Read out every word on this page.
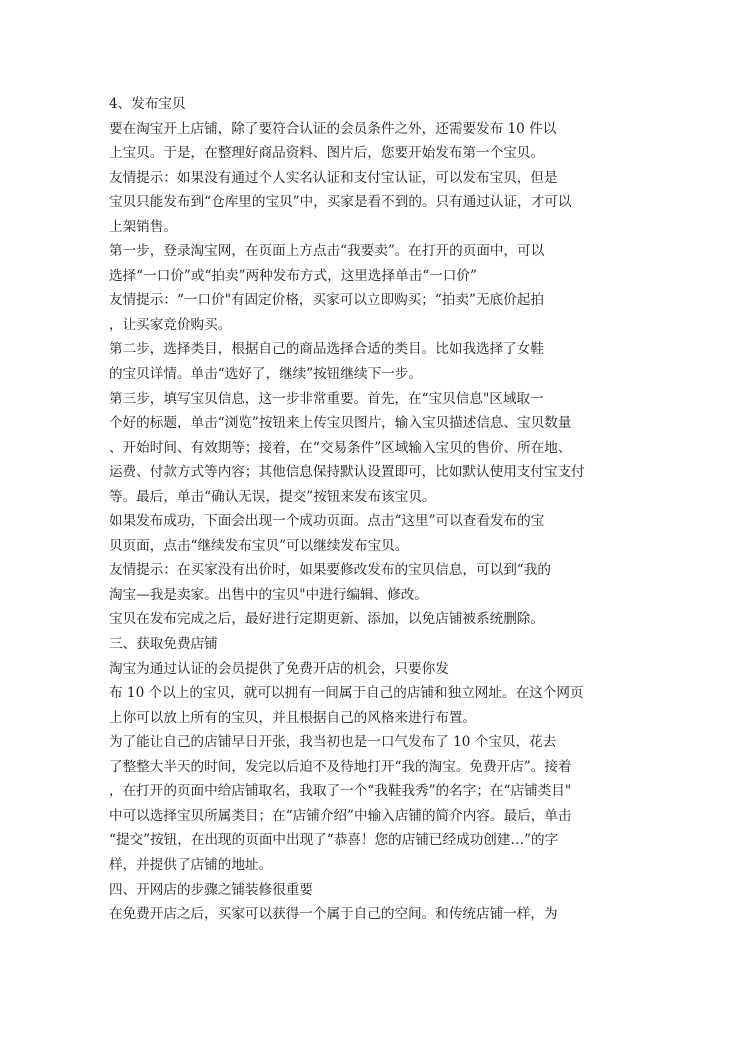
4、发布宝贝
要在淘宝开上店铺，除了要符合认证的会员条件之外，还需要发布 10 件以
上宝贝。于是，在整理好商品资料、图片后，您要开始发布第一个宝贝。
友情提示：如果没有通过个人实名认证和支付宝认证，可以发布宝贝，但是
宝贝只能发布到“仓库里的宝贝”中，买家是看不到的。只有通过认证，才可以
上架销售。
第一步，登录淘宝网，在页面上方点击“我要卖”。在打开的页面中，可以
选择“一口价”或“拍卖”两种发布方式，这里选择单击“一口价”
友情提示：“一口价"有固定价格，买家可以立即购买；“拍卖”无底价起拍
，让买家竞价购买。
第二步，选择类目，根据自己的商品选择合适的类目。比如我选择了女鞋
的宝贝详情。单击“选好了，继续”按钮继续下一步。
第三步，填写宝贝信息，这一步非常重要。首先，在“宝贝信息"区域取一
个好的标题，单击“浏览”按钮来上传宝贝图片，输入宝贝描述信息、宝贝数量
、开始时间、有效期等；接着，在“交易条件”区域输入宝贝的售价、所在地、
运费、付款方式等内容；其他信息保持默认设置即可，比如默认使用支付宝支付
等。最后，单击“确认无误，提交”按钮来发布该宝贝。
如果发布成功，下面会出现一个成功页面。点击“这里”可以查看发布的宝
贝页面，点击“继续发布宝贝”可以继续发布宝贝。
友情提示：在买家没有出价时，如果要修改发布的宝贝信息，可以到“我的
淘宝—我是卖家。出售中的宝贝"中进行编辑、修改。
宝贝在发布完成之后，最好进行定期更新、添加，以免店铺被系统删除。
三、获取免费店铺
淘宝为通过认证的会员提供了免费开店的机会，只要你发
布 10 个以上的宝贝，就可以拥有一间属于自己的店铺和独立网址。在这个网页
上你可以放上所有的宝贝，并且根据自己的风格来进行布置。
为了能让自己的店铺早日开张，我当初也是一口气发布了 10 个宝贝，花去
了整整大半天的时间，发完以后迫不及待地打开“我的淘宝。免费开店”。接着
，在打开的页面中给店铺取名，我取了一个“我鞋我秀”的名字；在“店铺类目"
中可以选择宝贝所属类目；在“店铺介绍”中输入店铺的简介内容。最后，单击
“提交”按钮，在出现的页面中出现了“恭喜！您的店铺已经成功创建…”的字
样，并提供了店铺的地址。
四、开网店的步骤之铺装修很重要
在免费开店之后，买家可以获得一个属于自己的空间。和传统店铺一样，为
